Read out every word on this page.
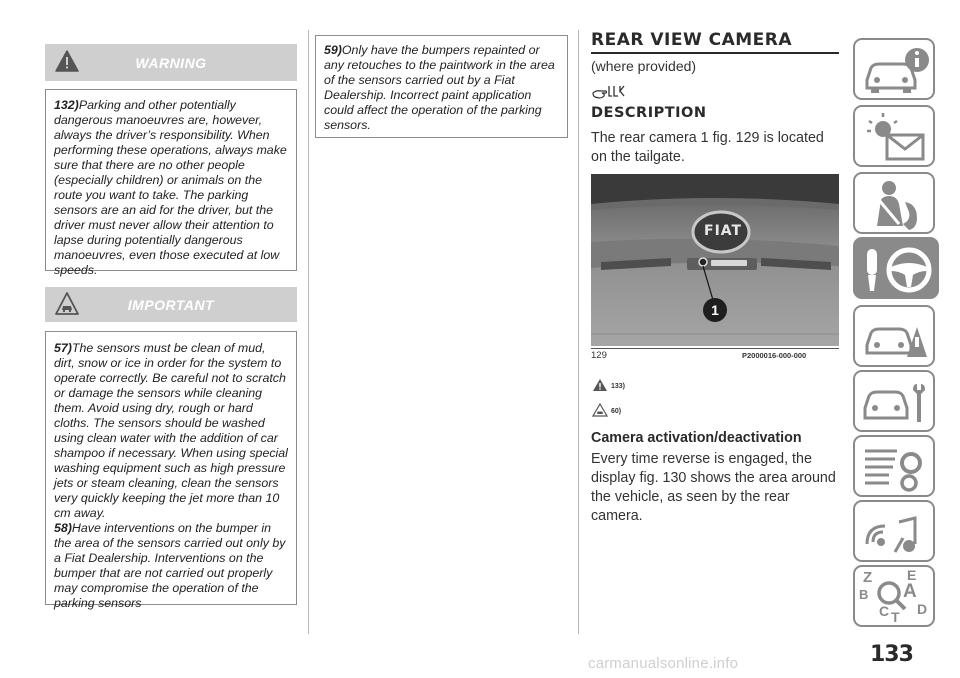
WARNING

132)Parking and other potentially dangerous manoeuvres are, however, always the driver’s responsibility. When performing these operations, always make sure that there are no other people (especially children) or animals on the route you want to take. The parking sensors are an aid for the driver, but the driver must never allow their attention to lapse during potentially dangerous manoeuvres, even those executed at low speeds.

IMPORTANT

57)The sensors must be clean of mud, dirt, snow or ice in order for the system to operate correctly. Be careful not to scratch or damage the sensors while cleaning them. Avoid using dry, rough or hard cloths. The sensors should be washed using clean water with the addition of car shampoo if necessary. When using special washing equipment such as high pressure jets or steam cleaning, clean the sensors very quickly keeping the jet more than 10 cm away.

58)Have interventions on the bumper in the area of the sensors carried out only by a Fiat Dealership. Interventions on the bumper that are not carried out properly may compromise the operation of the parking sensors

59)Only have the bumpers repainted or any retouches to the paintwork in the area of the sensors carried out by a Fiat Dealership. Incorrect paint application could affect the operation of the parking sensors.

REAR VIEW CAMERA
(where provided)
DESCRIPTION
The rear camera 1 fig. 129 is located on the tailgate.
FIAT
1
129	P2000016-000-000
133)
60)
Camera activation/deactivation
Every time reverse is engaged, the display fig. 130 shows the area around the vehicle, as seen by the rear camera.
Z E
B A
C D
T
133
carmanualsonline.info
